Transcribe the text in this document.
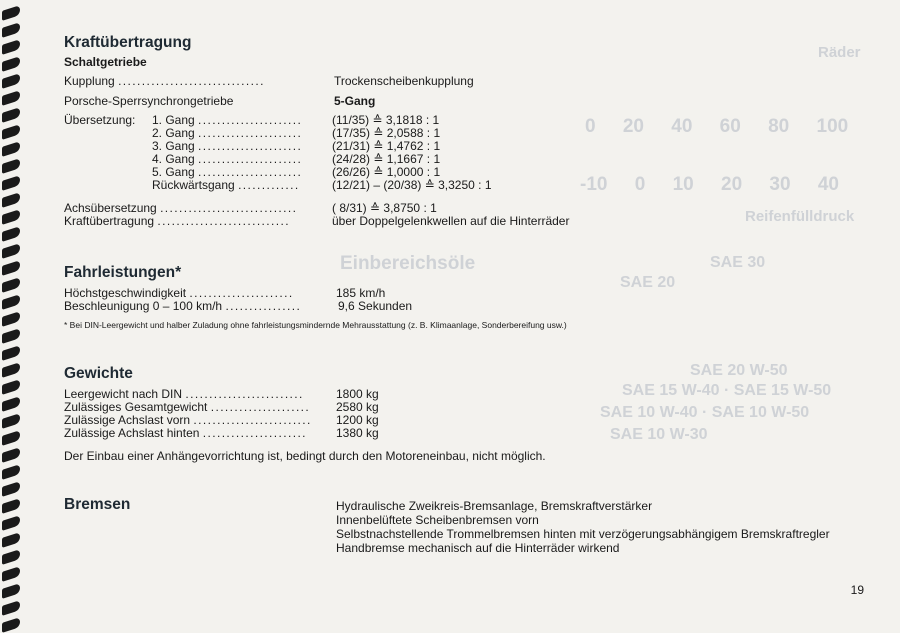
Räder
Reifenfülldruck
Einbereichsöle
SAE 20
SAE 30
SAE 20 W-50
SAE 15 W-40 · SAE 15 W-50
SAE 10 W-40 · SAE 10 W-50
SAE 10 W-30
0 20 40 60 80 100
-10 0 10 20 30 40
Kraftübertragung
Schaltgetriebe
Kupplung ...............................	Trockenscheibenkupplung
Porsche-Sperrsynchrongetriebe	5-Gang
Übersetzung: 1. Gang ...................... (11/35) ≙ 3,1818 : 1
2. Gang ...................... (17/35) ≙ 2,0588 : 1
3. Gang ...................... (21/31) ≙ 1,4762 : 1
4. Gang ...................... (24/28) ≙ 1,1667 : 1
5. Gang ...................... (26/26) ≙ 1,0000 : 1
Rückwärtsgang .............	(12/21) – (20/38) ≙ 3,3250 : 1
Achsübersetzung .............................	( 8/31) ≙ 3,8750 : 1
Kraftübertragung ............................	über Doppelgelenkwellen auf die Hinterräder
Fahrleistungen*
Höchstgeschwindigkeit ......................	185 km/h
Beschleunigung 0 – 100 km/h ................	9,6 Sekunden
* Bei DIN-Leergewicht und halber Zuladung ohne fahrleistungsmindernde Mehrausstattung (z. B. Klimaanlage, Sonderbereifung usw.)
Gewichte
Leergewicht nach DIN .........................	1800 kg
Zulässiges Gesamtgewicht ..................... 2580 kg
Zulässige Achslast vorn ......................... 1200 kg
Zulässige Achslast hinten ...................... 1380 kg
Der Einbau einer Anhängevorrichtung ist, bedingt durch den Motoreneinbau, nicht möglich.
Bremsen	Hydraulische Zweikreis-Bremsanlage, Bremskraftverstärker
Innenbelüftete Scheibenbremsen vorn
Selbstnachstellende Trommelbremsen hinten mit verzögerungsabhängigem Bremskraftregler
Handbremse mechanisch auf die Hinterräder wirkend
19
